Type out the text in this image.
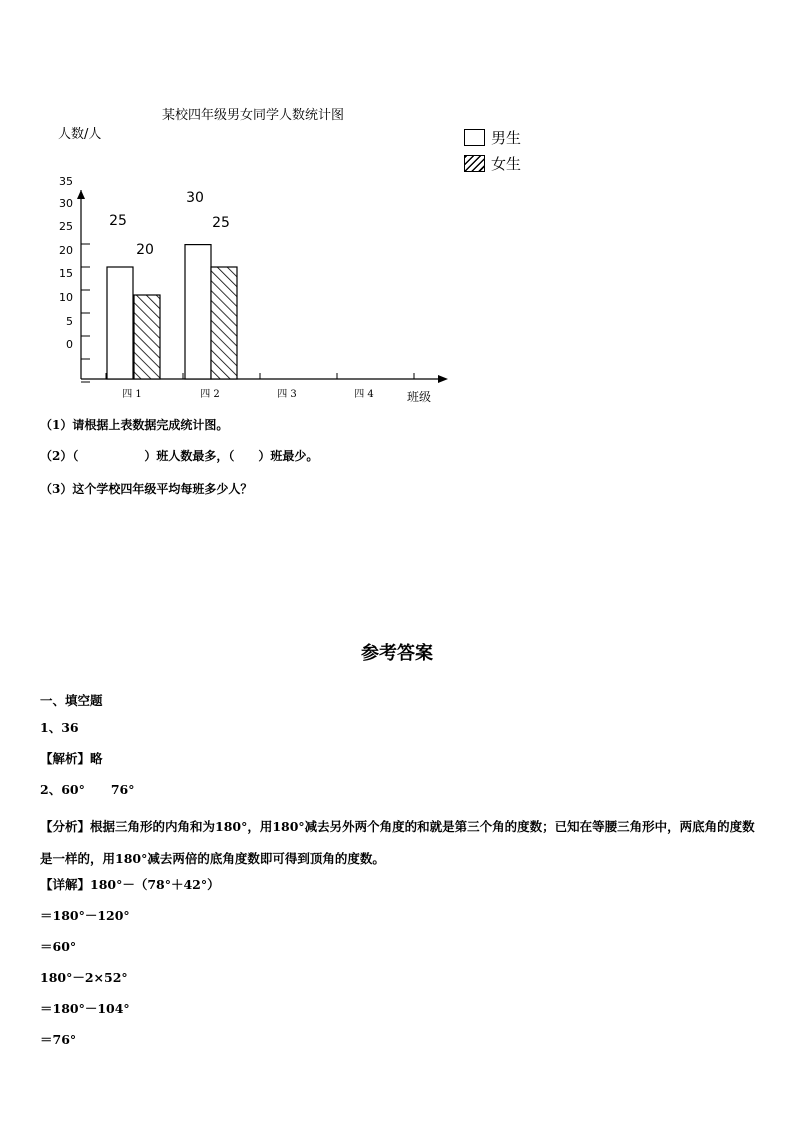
某校四年级男女同学人数统计图
人数/人	男生
女生
35
30
25
20
15
10
5
0
四 1	四 2	四 3	四 4	班级
25
30
20
25
（1）请根据上表数据完成统计图。
（2）（	）班人数最多，（ ）班最少。
（3）这个学校四年级平均每班多少人？
参考答案
一、填空题
1、36
【解析】略
2、60° 76°
【分析】根据三角形的内角和为180°，用180°减去另外两个角度的和就是第三个角的度数；已知在等腰三角形中，两底角的度数是一样的，用180°减去两倍的底角度数即可得到顶角的度数。
【详解】180°－（78°＋42°）
＝180°－120°
＝60°
180°－2×52°
＝180°－104°
＝76°
